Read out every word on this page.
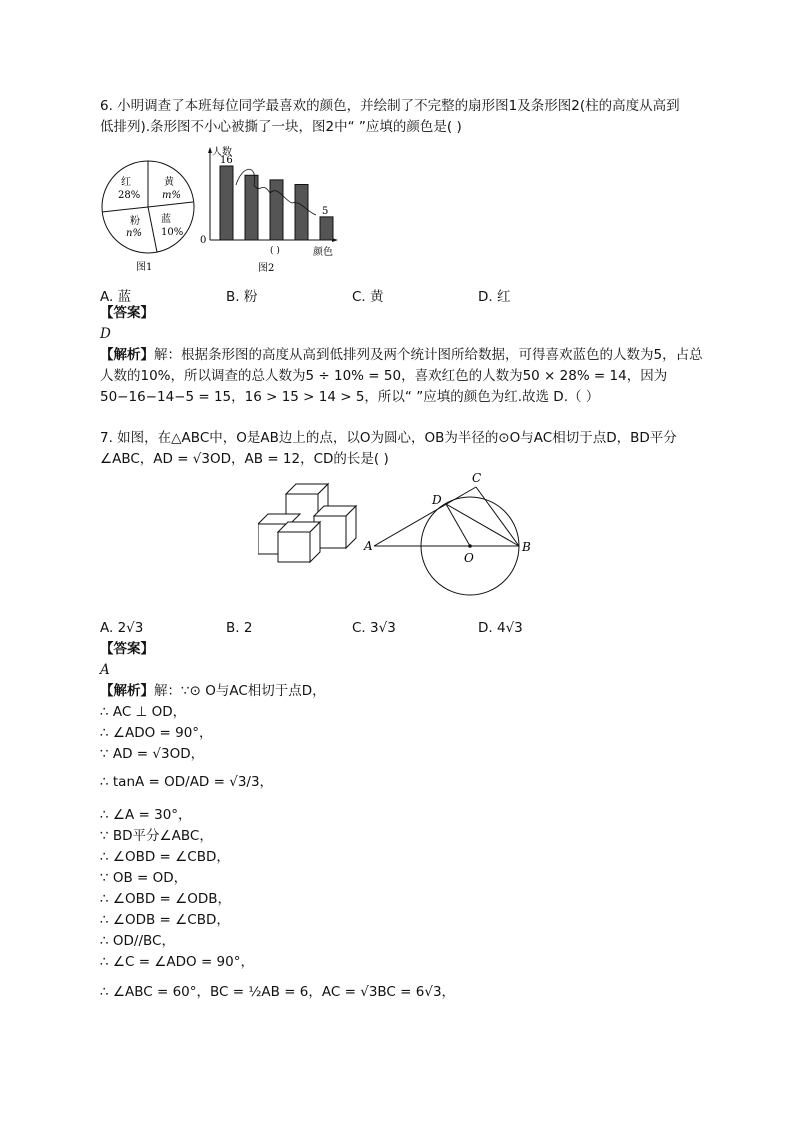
6. 小明调查了本班每位同学最喜欢的颜色，并绘制了不完整的扇形图1及条形图2(柱的高度从高到
低排列).条形图不小心被撕了一块，图2中“ ”应填的颜色是( )
红
28%
黄
m%
粉
n%
蓝
10%
图1
人数
0
颜色
( )
图2
16
5
A. 蓝	B. 粉	C. 黄	D. 红
【答案】
D
【解析】解：根据条形图的高度从高到低排列及两个统计图所给数据，可得喜欢蓝色的人数为5，占总
人数的10%，所以调查的总人数为5 ÷ 10% = 50，喜欢红色的人数为50 × 28% = 14，因为
50−16−14−5 = 15，16 > 15 > 14 > 5，所以“ ”应填的颜色为红.故选 D.（ ）
7. 如图，在△ABC中，O是AB边上的点，以O为圆心，OB为半径的⊙O与AC相切于点D，BD平分
∠ABC，AD = √3OD，AB = 12，CD的长是( )
A	B
C
D
O
A. 2√3	B. 2	C. 3√3	D. 4√3
【答案】
A
【解析】解：∵⊙ O与AC相切于点D，
∴ AC ⊥ OD，
∴ ∠ADO = 90°，
∵ AD = √3OD，
∴ tanA = OD/AD = √3/3，
∴ ∠A = 30°，
∵ BD平分∠ABC，
∴ ∠OBD = ∠CBD，
∵ OB = OD，
∴ ∠OBD = ∠ODB，
∴ ∠ODB = ∠CBD，
∴ OD//BC，
∴ ∠C = ∠ADO = 90°，
∴ ∠ABC = 60°，BC = ½AB = 6，AC = √3BC = 6√3，
